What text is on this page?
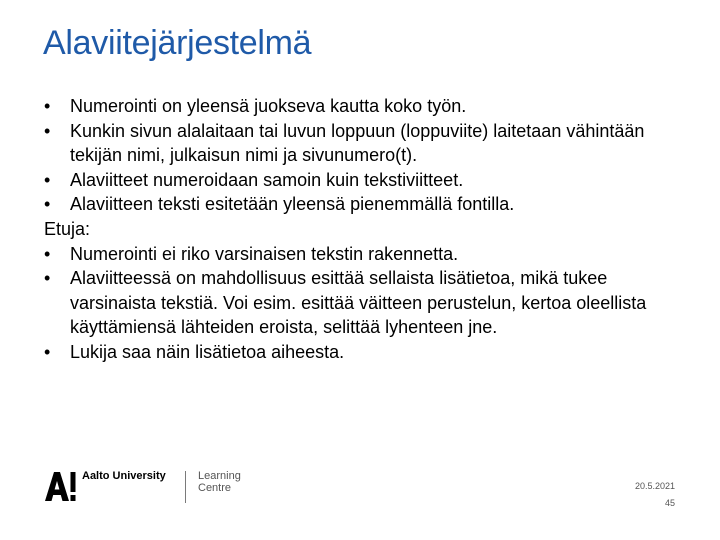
Alaviitejärjestelmä
• Numerointi on yleensä juokseva kautta koko työn.
• Kunkin sivun alalaitaan tai luvun loppuun (loppuviite) laitetaan vähintään tekijän nimi, julkaisun nimi ja sivunumero(t).
• Alaviitteet numeroidaan samoin kuin tekstiviitteet.
• Alaviitteen teksti esitetään yleensä pienemmällä fontilla.

Etuja:

• Numerointi ei riko varsinaisen tekstin rakennetta.
• Alaviitteessä on mahdollisuus esittää sellaista lisätietoa, mikä tukee varsinaista tekstiä. Voi esim. esittää väitteen perustelun, kertoa oleellista käyttämiensä lähteiden eroista, selittää lyhenteen jne.
• Lukija saa näin lisätietoa aiheesta.
Aalto University	Learning
Centre	20.5.2021
45
